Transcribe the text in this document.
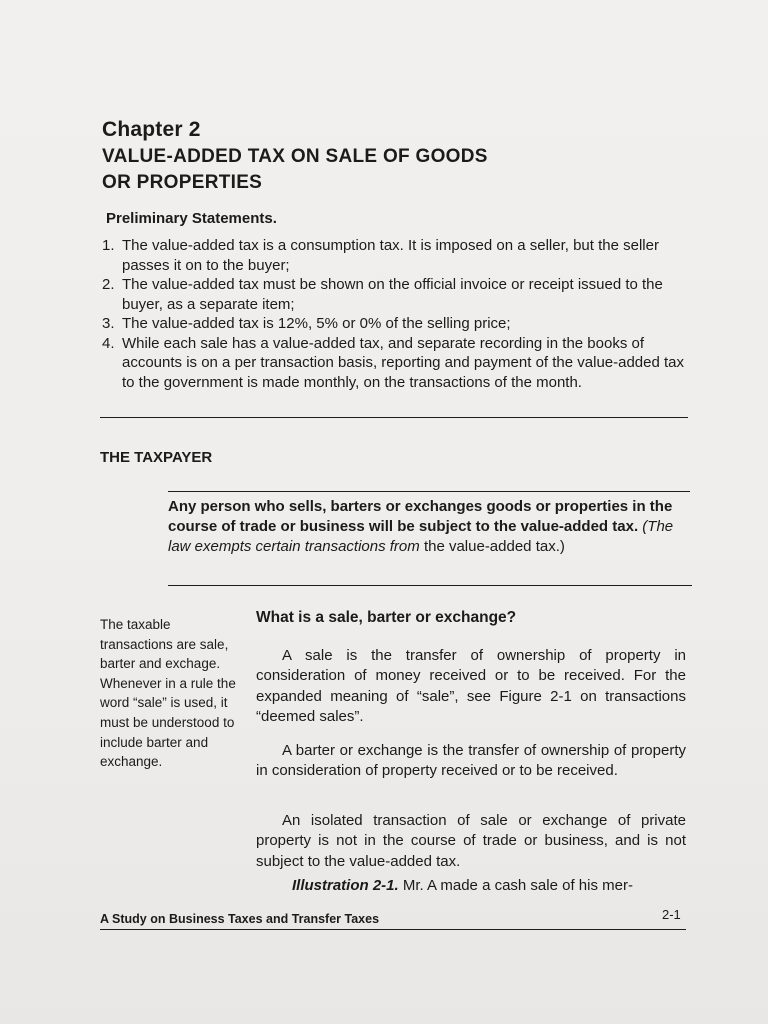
Chapter 2
VALUE-ADDED TAX ON SALE OF GOODS
OR PROPERTIES
Preliminary Statements.
1. The value-added tax is a consumption tax. It is imposed on a seller, but the seller passes it on to the buyer;
2. The value-added tax must be shown on the official invoice or receipt issued to the buyer, as a separate item;
3. The value-added tax is 12%, 5% or 0% of the selling price;
4. While each sale has a value-added tax, and separate recording in the books of accounts is on a per transaction basis, reporting and payment of the value-added tax to the government is made monthly, on the transactions of the month.
THE TAXPAYER
Any person who sells, barters or exchanges goods or properties in the course of trade or business will be subject to the value-added tax. (The law exempts certain transactions from the value-added tax.)
The taxable transactions are sale, barter and exchage. Whenever in a rule the word “sale” is used, it must be understood to include barter and exchange.
What is a sale, barter or exchange?
A sale is the transfer of ownership of property in consideration of money received or to be received. For the expanded meaning of “sale”, see Figure 2-1 on transactions “deemed sales”.
A barter or exchange is the transfer of ownership of property in consideration of property received or to be received.
An isolated transaction of sale or exchange of private property is not in the course of trade or business, and is not subject to the value-added tax.
Illustration 2-1. Mr. A made a cash sale of his mer-
A Study on Business Taxes and Transfer Taxes	2-1
